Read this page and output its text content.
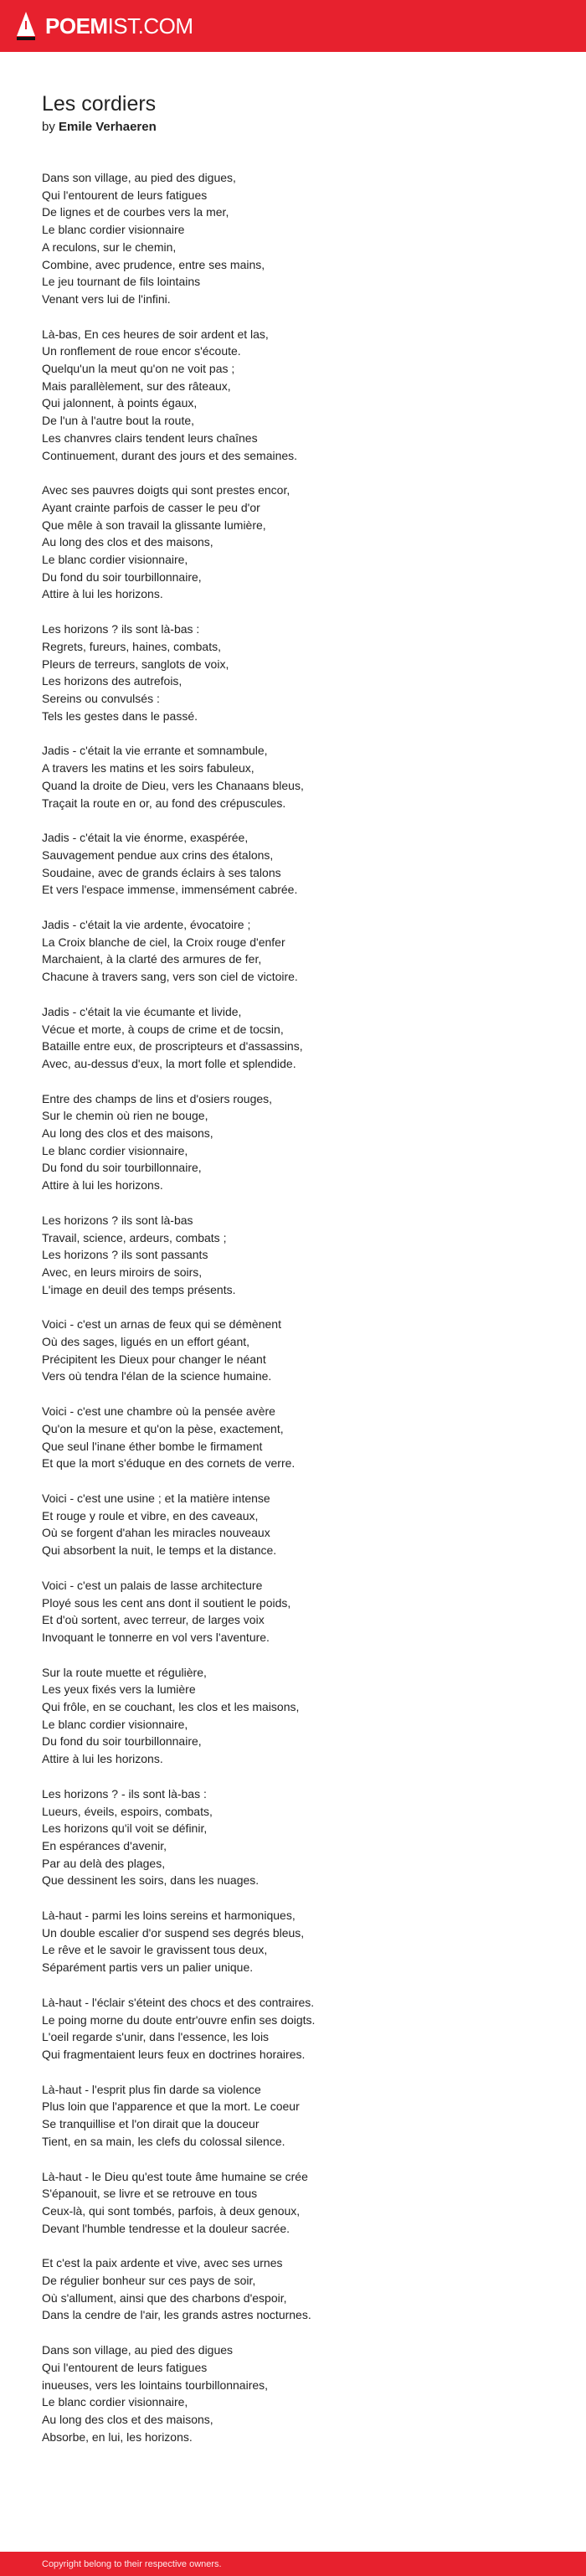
POEMIST.COM
Les cordiers
by Emile Verhaeren
Dans son village, au pied des digues,
Qui l'entourent de leurs fatigues
De lignes et de courbes vers la mer,
Le blanc cordier visionnaire
A reculons, sur le chemin,
Combine, avec prudence, entre ses mains,
Le jeu tournant de fils lointains
Venant vers lui de l'infini.
Là-bas, En ces heures de soir ardent et las,
Un ronflement de roue encor s'écoute.
Quelqu'un la meut qu'on ne voit pas ;
Mais parallèlement, sur des râteaux,
Qui jalonnent, à points égaux,
De l'un à l'autre bout la route,
Les chanvres clairs tendent leurs chaînes
Continuement, durant des jours et des semaines.
Avec ses pauvres doigts qui sont prestes encor,
Ayant crainte parfois de casser le peu d'or
Que mêle à son travail la glissante lumière,
Au long des clos et des maisons,
Le blanc cordier visionnaire,
Du fond du soir tourbillonnaire,
Attire à lui les horizons.
Les horizons ? ils sont là-bas :
Regrets, fureurs, haines, combats,
Pleurs de terreurs, sanglots de voix,
Les horizons des autrefois,
Sereins ou convulsés :
Tels les gestes dans le passé.
Jadis - c'était la vie errante et somnambule,
A travers les matins et les soirs fabuleux,
Quand la droite de Dieu, vers les Chanaans bleus,
Traçait la route en or, au fond des crépuscules.
Jadis - c'était la vie énorme, exaspérée,
Sauvagement pendue aux crins des étalons,
Soudaine, avec de grands éclairs à ses talons
Et vers l'espace immense, immensément cabrée.
Jadis - c'était la vie ardente, évocatoire ;
La Croix blanche de ciel, la Croix rouge d'enfer
Marchaient, à la clarté des armures de fer,
Chacune à travers sang, vers son ciel de victoire.
Jadis - c'était la vie écumante et livide,
Vécue et morte, à coups de crime et de tocsin,
Bataille entre eux, de proscripteurs et d'assassins,
Avec, au-dessus d'eux, la mort folle et splendide.
Entre des champs de lins et d'osiers rouges,
Sur le chemin où rien ne bouge,
Au long des clos et des maisons,
Le blanc cordier visionnaire,
Du fond du soir tourbillonnaire,
Attire à lui les horizons.
Les horizons ? ils sont là-bas
Travail, science, ardeurs, combats ;
Les horizons ? ils sont passants
Avec, en leurs miroirs de soirs,
L'image en deuil des temps présents.
Voici - c'est un arnas de feux qui se démènent
Où des sages, ligués en un effort géant,
Précipitent les Dieux pour changer le néant
Vers où tendra l'élan de la science humaine.
Voici - c'est une chambre où la pensée avère
Qu'on la mesure et qu'on la pèse, exactement,
Que seul l'inane éther bombe le firmament
Et que la mort s'éduque en des cornets de verre.
Voici - c'est une usine ; et la matière intense
Et rouge y roule et vibre, en des caveaux,
Où se forgent d'ahan les miracles nouveaux
Qui absorbent la nuit, le temps et la distance.
Voici - c'est un palais de lasse architecture
Ployé sous les cent ans dont il soutient le poids,
Et d'où sortent, avec terreur, de larges voix
Invoquant le tonnerre en vol vers l'aventure.
Sur la route muette et régulière,
Les yeux fixés vers la lumière
Qui frôle, en se couchant, les clos et les maisons,
Le blanc cordier visionnaire,
Du fond du soir tourbillonnaire,
Attire à lui les horizons.
Les horizons ? - ils sont là-bas :
Lueurs, éveils, espoirs, combats,
Les horizons qu'il voit se définir,
En espérances d'avenir,
Par au delà des plages,
Que dessinent les soirs, dans les nuages.
Là-haut - parmi les loins sereins et harmoniques,
Un double escalier d'or suspend ses degrés bleus,
Le rêve et le savoir le gravissent tous deux,
Séparément partis vers un palier unique.
Là-haut - l'éclair s'éteint des chocs et des contraires.
Le poing morne du doute entr'ouvre enfin ses doigts.
L'oeil regarde s'unir, dans l'essence, les lois
Qui fragmentaient leurs feux en doctrines horaires.
Là-haut - l'esprit plus fin darde sa violence
Plus loin que l'apparence et que la mort. Le coeur
Se tranquillise et l'on dirait que la douceur
Tient, en sa main, les clefs du colossal silence.
Là-haut - le Dieu qu'est toute âme humaine se crée
S'épanouit, se livre et se retrouve en tous
Ceux-là, qui sont tombés, parfois, à deux genoux,
Devant l'humble tendresse et la douleur sacrée.
Et c'est la paix ardente et vive, avec ses urnes
De régulier bonheur sur ces pays de soir,
Où s'allument, ainsi que des charbons d'espoir,
Dans la cendre de l'air, les grands astres nocturnes.
Dans son village, au pied des digues
Qui l'entourent de leurs fatigues
inueuses, vers les lointains tourbillonnaires,
Le blanc cordier visionnaire,
Au long des clos et des maisons,
Absorbe, en lui, les horizons.
Copyright belong to their respective owners.
